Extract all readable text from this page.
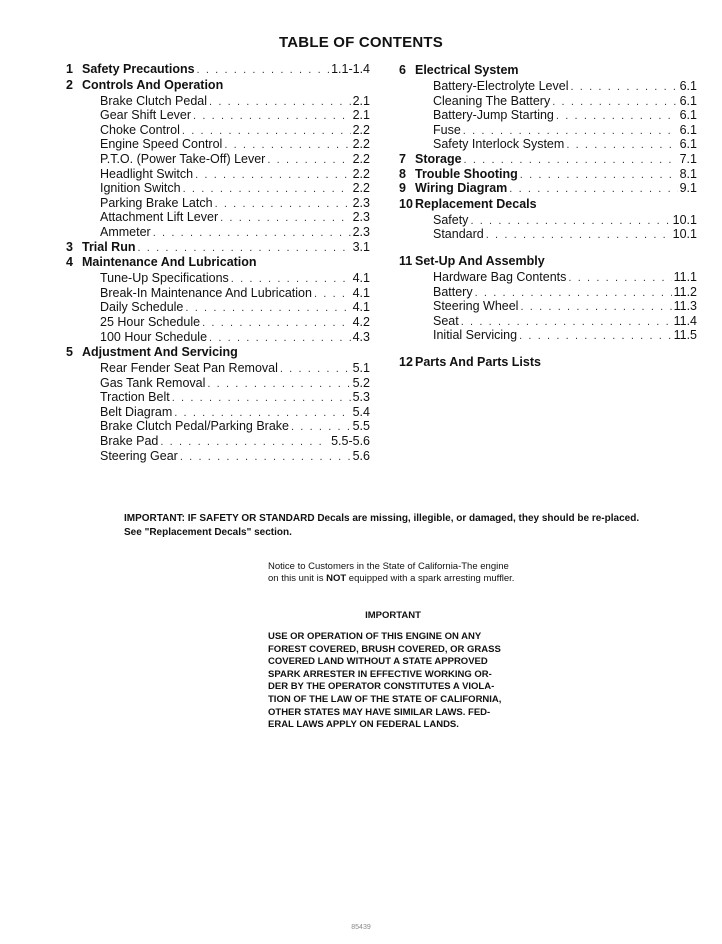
TABLE OF CONTENTS
1 Safety Precautions . . .	1.1-1.4
2 Controls And Operation
Brake Clutch Pedal . . .	2.1
Gear Shift Lever . . .	2.1
Choke Control . . .	2.2
Engine Speed Control . . .	2.2
P.T.O. (Power Take-Off) Lever . . .	2.2
Headlight Switch . . .	2.2
Ignition Switch . . .	2.2
Parking Brake Latch . . .	2.3
Attachment Lift Lever . . .	2.3
Ammeter . . .	2.3
3 Trial Run . . .	3.1
4 Maintenance And Lubrication
Tune-Up Specifications . . .	4.1
Break-In Maintenance And Lubrication . . .	4.1
Daily Schedule . . .	4.1
25 Hour Schedule . . .	4.2
100 Hour Schedule . . .	4.3
5 Adjustment And Servicing
Rear Fender Seat Pan Removal . . .	5.1
Gas Tank Removal . . .	5.2
Traction Belt . . .	5.3
Belt Diagram . . .	5.4
Brake Clutch Pedal/Parking Brake . . .	5.5
Brake Pad . . .	5.5-5.6
Steering Gear . . .	5.6
6 Electrical System
Battery-Electrolyte Level . . .	6.1
Cleaning The Battery . . .	6.1
Battery-Jump Starting . . .	6.1
Fuse . . .	6.1
Safety Interlock System . . .	6.1
7 Storage . . .	7.1
8 Trouble Shooting . . .	8.1
9 Wiring Diagram . . .	9.1
10 Replacement Decals
Safety . . .	10.1
Standard . . .	10.1
11 Set-Up And Assembly
Hardware Bag Contents . . .	11.1
Battery . . .	11.2
Steering Wheel . . .	11.3
Seat . . .	11.4
Initial Servicing . . .	11.5
12 Parts And Parts Lists
IMPORTANT: IF SAFETY OR STANDARD Decals are missing, illegible, or damaged, they should be re-placed. See "Replacement Decals" section.
Notice to Customers in the State of California-The engine on this unit is NOT equipped with a spark arresting muffler.
IMPORTANT
USE OR OPERATION OF THIS ENGINE ON ANY FOREST COVERED, BRUSH COVERED, OR GRASS COVERED LAND WITHOUT A STATE APPROVED SPARK ARRESTER IN EFFECTIVE WORKING OR-DER BY THE OPERATOR CONSTITUTES A VIOLA-TION OF THE LAW OF THE STATE OF CALIFORNIA, OTHER STATES MAY HAVE SIMILAR LAWS. FED-ERAL LAWS APPLY ON FEDERAL LANDS.
85439
